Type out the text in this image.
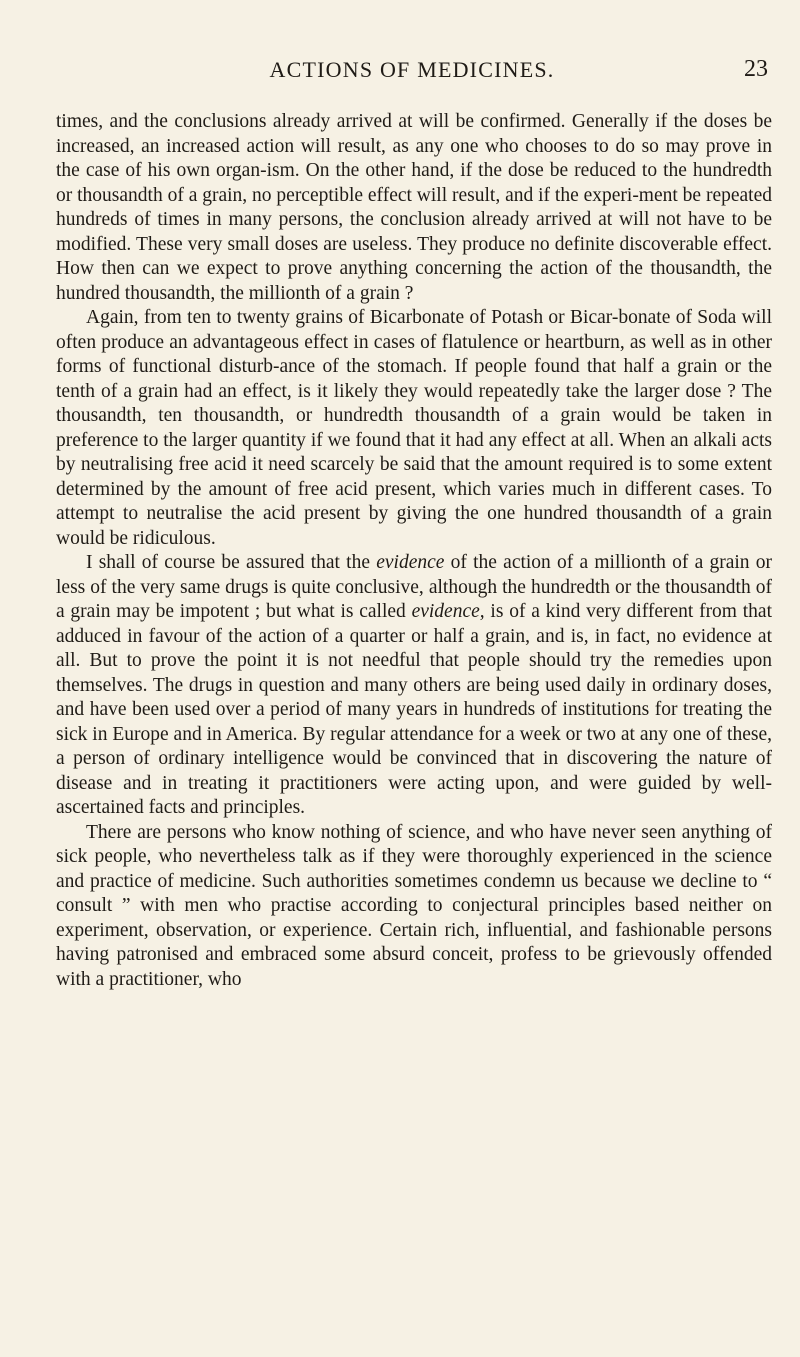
ACTIONS OF MEDICINES.	23

times, and the conclusions already arrived at will be confirmed. Generally if the doses be increased, an increased action will result, as any one who chooses to do so may prove in the case of his own organ-ism. On the other hand, if the dose be reduced to the hundredth or thousandth of a grain, no perceptible effect will result, and if the experi-ment be repeated hundreds of times in many persons, the conclusion already arrived at will not have to be modified. These very small doses are useless. They produce no definite discoverable effect. How then can we expect to prove anything concerning the action of the thousandth, the hundred thousandth, the millionth of a grain ?

Again, from ten to twenty grains of Bicarbonate of Potash or Bicar-bonate of Soda will often produce an advantageous effect in cases of flatulence or heartburn, as well as in other forms of functional disturb-ance of the stomach. If people found that half a grain or the tenth of a grain had an effect, is it likely they would repeatedly take the larger dose ? The thousandth, ten thousandth, or hundredth thousandth of a grain would be taken in preference to the larger quantity if we found that it had any effect at all. When an alkali acts by neutralising free acid it need scarcely be said that the amount required is to some extent determined by the amount of free acid present, which varies much in different cases. To attempt to neutralise the acid present by giving the one hundred thousandth of a grain would be ridiculous.

I shall of course be assured that the evidence of the action of a millionth of a grain or less of the very same drugs is quite conclusive, although the hundredth or the thousandth of a grain may be impotent ; but what is called evidence, is of a kind very different from that adduced in favour of the action of a quarter or half a grain, and is, in fact, no evidence at all. But to prove the point it is not needful that people should try the remedies upon themselves. The drugs in question and many others are being used daily in ordinary doses, and have been used over a period of many years in hundreds of institutions for treating the sick in Europe and in America. By regular attendance for a week or two at any one of these, a person of ordinary intelligence would be convinced that in discovering the nature of disease and in treating it practitioners were acting upon, and were guided by well-ascertained facts and principles.

There are persons who know nothing of science, and who have never seen anything of sick people, who nevertheless talk as if they were thoroughly experienced in the science and practice of medicine. Such authorities sometimes condemn us because we decline to “ consult ” with men who practise according to conjectural principles based neither on experiment, observation, or experience. Certain rich, influential, and fashionable persons having patronised and embraced some absurd conceit, profess to be grievously offended with a practitioner, who
